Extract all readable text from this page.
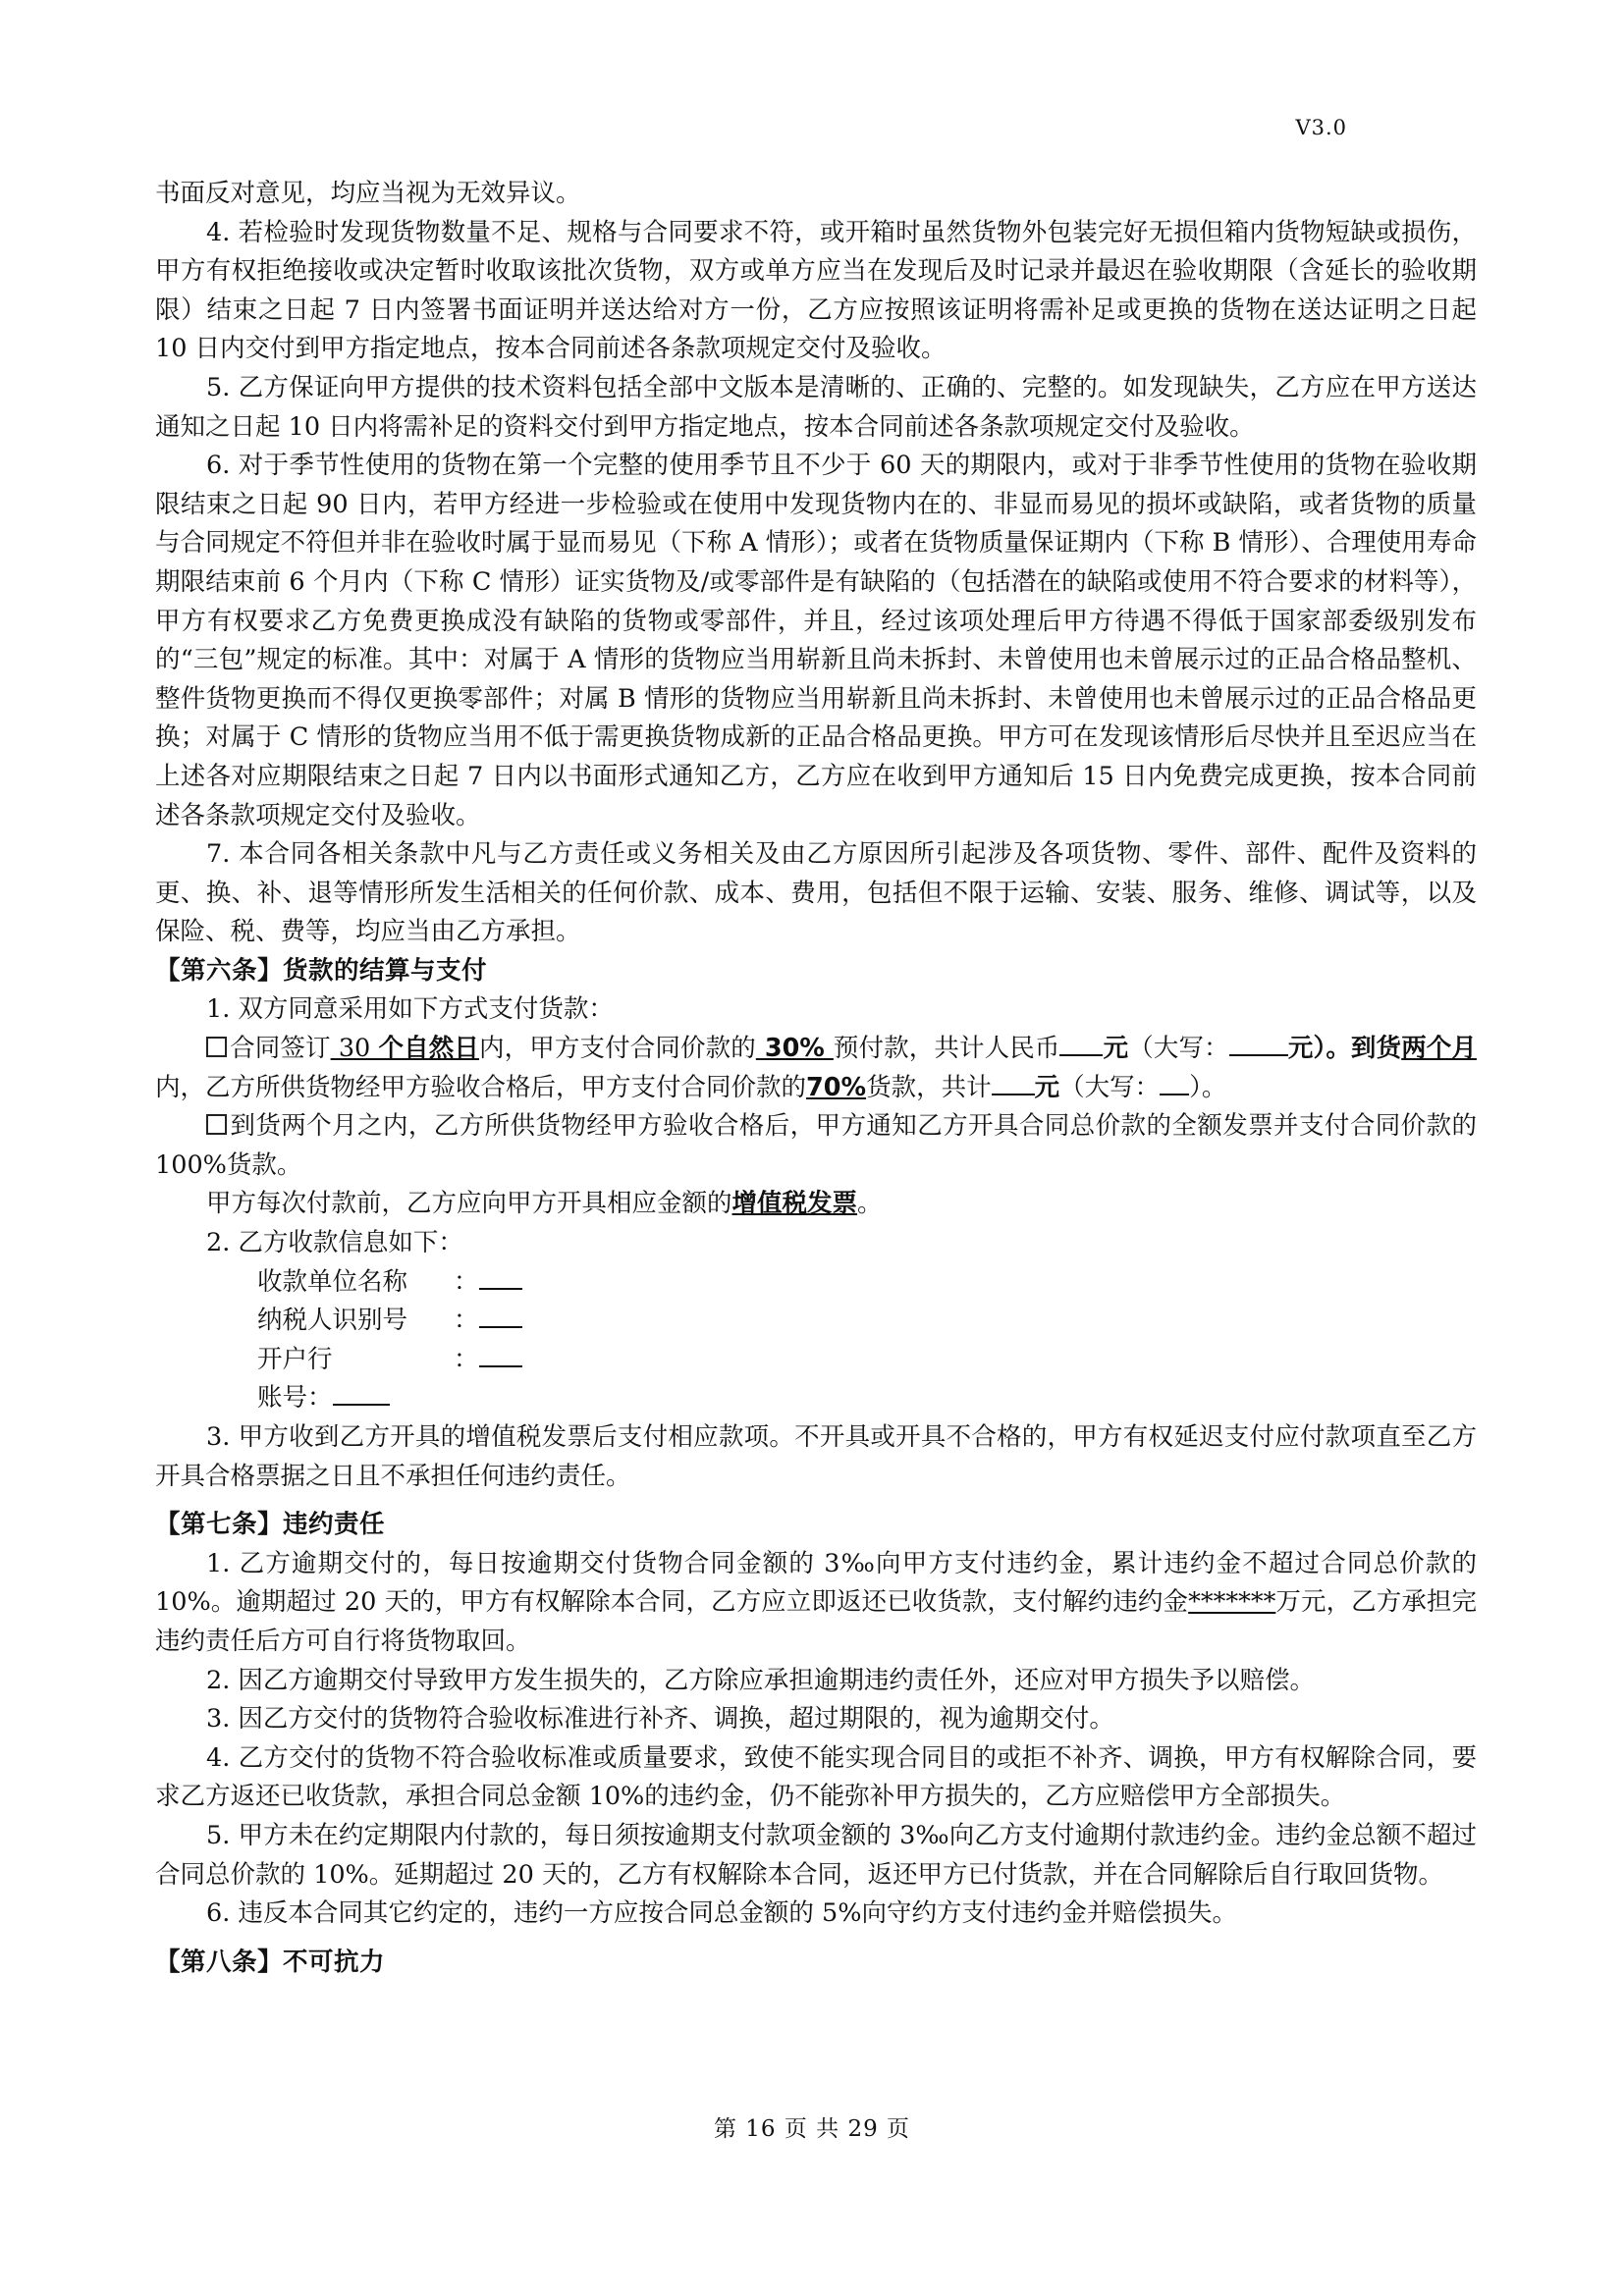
V3.0

书面反对意见，均应当视为无效异议。

4. 若检验时发现货物数量不足、规格与合同要求不符，或开箱时虽然货物外包装完好无损但箱内货物短缺或损伤，甲方有权拒绝接收或决定暂时收取该批次货物，双方或单方应当在发现后及时记录并最迟在验收期限（含延长的验收期限）结束之日起 7 日内签署书面证明并送达给对方一份，乙方应按照该证明将需补足或更换的货物在送达证明之日起 10 日内交付到甲方指定地点，按本合同前述各条款项规定交付及验收。

5. 乙方保证向甲方提供的技术资料包括全部中文版本是清晰的、正确的、完整的。如发现缺失，乙方应在甲方送达通知之日起 10 日内将需补足的资料交付到甲方指定地点，按本合同前述各条款项规定交付及验收。

6. 对于季节性使用的货物在第一个完整的使用季节且不少于 60 天的期限内，或对于非季节性使用的货物在验收期限结束之日起 90 日内，若甲方经进一步检验或在使用中发现货物内在的、非显而易见的损坏或缺陷，或者货物的质量与合同规定不符但并非在验收时属于显而易见（下称 A 情形）；或者在货物质量保证期内（下称 B 情形）、合理使用寿命期限结束前 6 个月内（下称 C 情形）证实货物及/或零部件是有缺陷的（包括潜在的缺陷或使用不符合要求的材料等），甲方有权要求乙方免费更换成没有缺陷的货物或零部件，并且，经过该项处理后甲方待遇不得低于国家部委级别发布的“三包”规定的标准。其中：对属于 A 情形的货物应当用崭新且尚未拆封、未曾使用也未曾展示过的正品合格品整机、整件货物更换而不得仅更换零部件；对属 B 情形的货物应当用崭新且尚未拆封、未曾使用也未曾展示过的正品合格品更换；对属于 C 情形的货物应当用不低于需更换货物成新的正品合格品更换。甲方可在发现该情形后尽快并且至迟应当在上述各对应期限结束之日起 7 日内以书面形式通知乙方，乙方应在收到甲方通知后 15 日内免费完成更换，按本合同前述各条款项规定交付及验收。

7. 本合同各相关条款中凡与乙方责任或义务相关及由乙方原因所引起涉及各项货物、零件、部件、配件及资料的更、换、补、退等情形所发生活相关的任何价款、成本、费用，包括但不限于运输、安装、服务、维修、调试等，以及保险、税、费等，均应当由乙方承担。

【第六条】货款的结算与支付

1. 双方同意采用如下方式支付货款：

合同签订 30 个自然日内，甲方支付合同价款的 30% 预付款，共计人民币 元（大写： 元）。到货两个月内，乙方所供货物经甲方验收合格后，甲方支付合同价款的70%货款，共计 元（大写： ）。

到货两个月之内，乙方所供货物经甲方验收合格后，甲方通知乙方开具合同总价款的全额发票并支付合同价款的 100%货款。

甲方每次付款前，乙方应向甲方开具相应金额的增值税发票。

2. 乙方收款信息如下：

收款单位名称 ：

纳税人识别号 ：

开户行	：

账号：

3. 甲方收到乙方开具的增值税发票后支付相应款项。不开具或开具不合格的，甲方有权延迟支付应付款项直至乙方开具合格票据之日且不承担任何违约责任。

【第七条】违约责任

1. 乙方逾期交付的，每日按逾期交付货物合同金额的 3‰向甲方支付违约金，累计违约金不超过合同总价款的 10%。逾期超过 20 天的，甲方有权解除本合同，乙方应立即返还已收货款，支付解约违约金*******万元，乙方承担完违约责任后方可自行将货物取回。

2. 因乙方逾期交付导致甲方发生损失的，乙方除应承担逾期违约责任外，还应对甲方损失予以赔偿。

3. 因乙方交付的货物符合验收标准进行补齐、调换，超过期限的，视为逾期交付。

4. 乙方交付的货物不符合验收标准或质量要求，致使不能实现合同目的或拒不补齐、调换，甲方有权解除合同，要求乙方返还已收货款，承担合同总金额 10%的违约金，仍不能弥补甲方损失的，乙方应赔偿甲方全部损失。

5. 甲方未在约定期限内付款的，每日须按逾期支付款项金额的 3‰向乙方支付逾期付款违约金。违约金总额不超过合同总价款的 10%。延期超过 20 天的，乙方有权解除本合同，返还甲方已付货款，并在合同解除后自行取回货物。

6. 违反本合同其它约定的，违约一方应按合同总金额的 5%向守约方支付违约金并赔偿损失。

【第八条】不可抗力

第 16 页 共 29 页
